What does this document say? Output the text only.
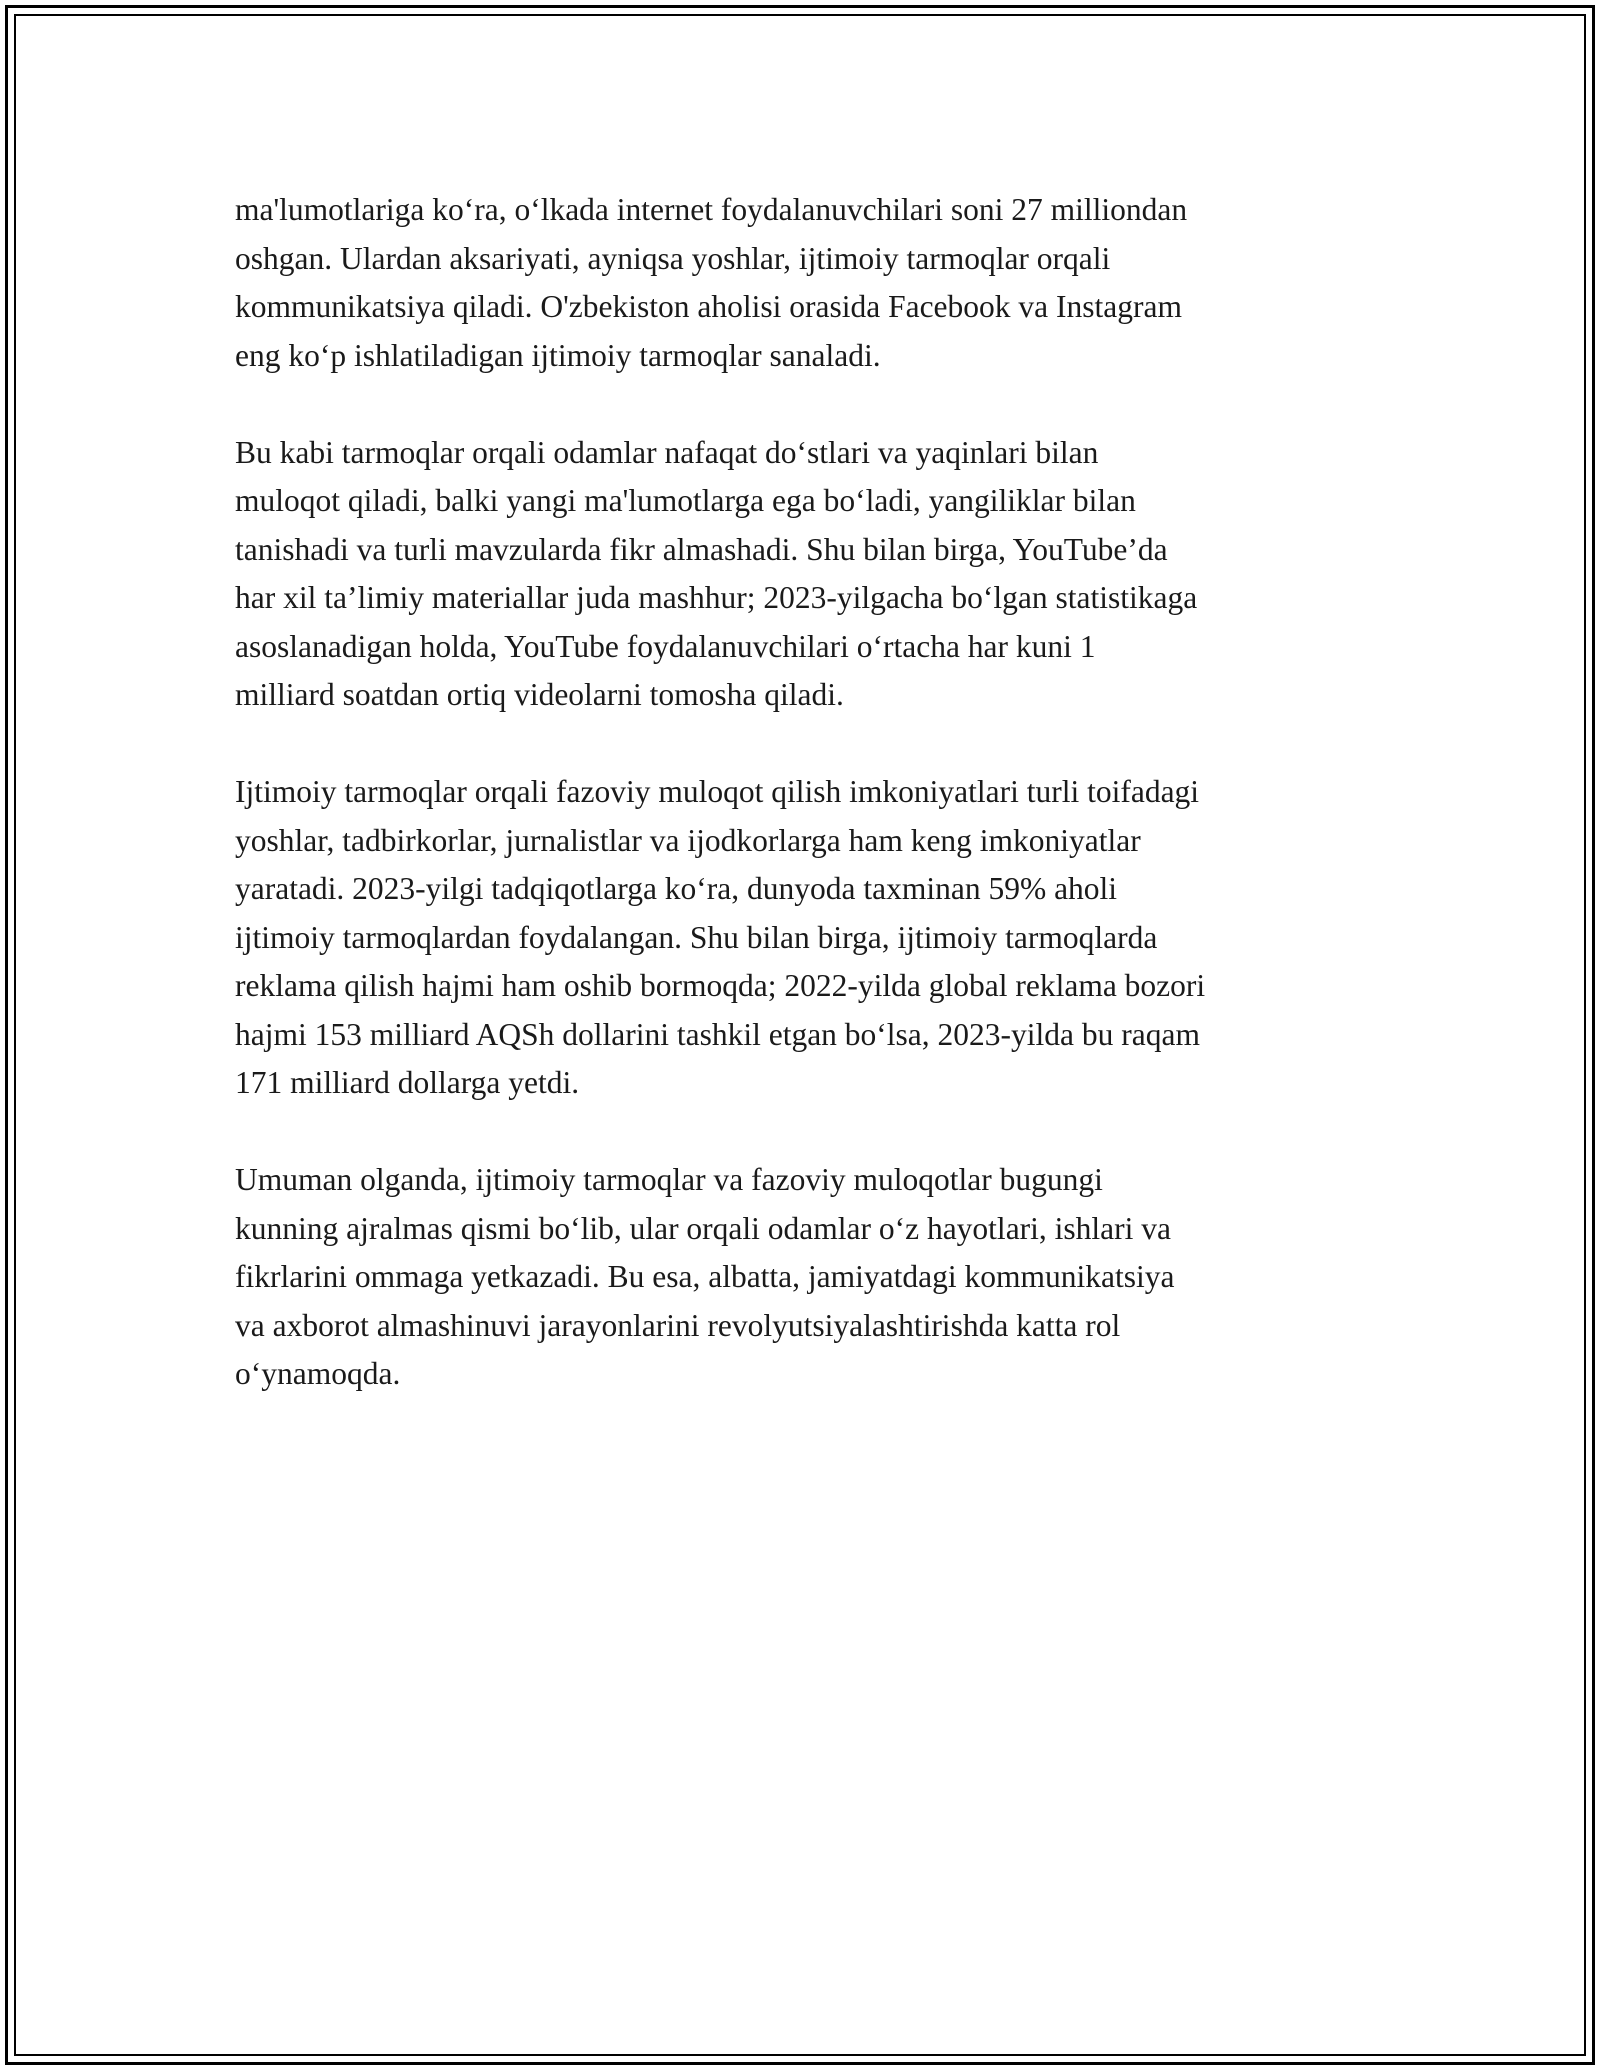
ma'lumotlariga ko‘ra, o‘lkada internet foydalanuvchilari soni 27 milliondan
oshgan. Ulardan aksariyati, ayniqsa yoshlar, ijtimoiy tarmoqlar orqali
kommunikatsiya qiladi. O'zbekiston aholisi orasida Facebook va Instagram
eng ko‘p ishlatiladigan ijtimoiy tarmoqlar sanaladi.

Bu kabi tarmoqlar orqali odamlar nafaqat do‘stlari va yaqinlari bilan
muloqot qiladi, balki yangi ma'lumotlarga ega bo‘ladi, yangiliklar bilan
tanishadi va turli mavzularda fikr almashadi. Shu bilan birga, YouTube’da
har xil ta’limiy materiallar juda mashhur; 2023-yilgacha bo‘lgan statistikaga
asoslanadigan holda, YouTube foydalanuvchilari o‘rtacha har kuni 1
milliard soatdan ortiq videolarni tomosha qiladi.

Ijtimoiy tarmoqlar orqali fazoviy muloqot qilish imkoniyatlari turli toifadagi
yoshlar, tadbirkorlar, jurnalistlar va ijodkorlarga ham keng imkoniyatlar
yaratadi. 2023-yilgi tadqiqotlarga ko‘ra, dunyoda taxminan 59% aholi
ijtimoiy tarmoqlardan foydalangan. Shu bilan birga, ijtimoiy tarmoqlarda
reklama qilish hajmi ham oshib bormoqda; 2022-yilda global reklama bozori
hajmi 153 milliard AQSh dollarini tashkil etgan bo‘lsa, 2023-yilda bu raqam
171 milliard dollarga yetdi.

Umuman olganda, ijtimoiy tarmoqlar va fazoviy muloqotlar bugungi
kunning ajralmas qismi bo‘lib, ular orqali odamlar o‘z hayotlari, ishlari va
fikrlarini ommaga yetkazadi. Bu esa, albatta, jamiyatdagi kommunikatsiya
va axborot almashinuvi jarayonlarini revolyutsiyalashtirishda katta rol
o‘ynamoqda.
